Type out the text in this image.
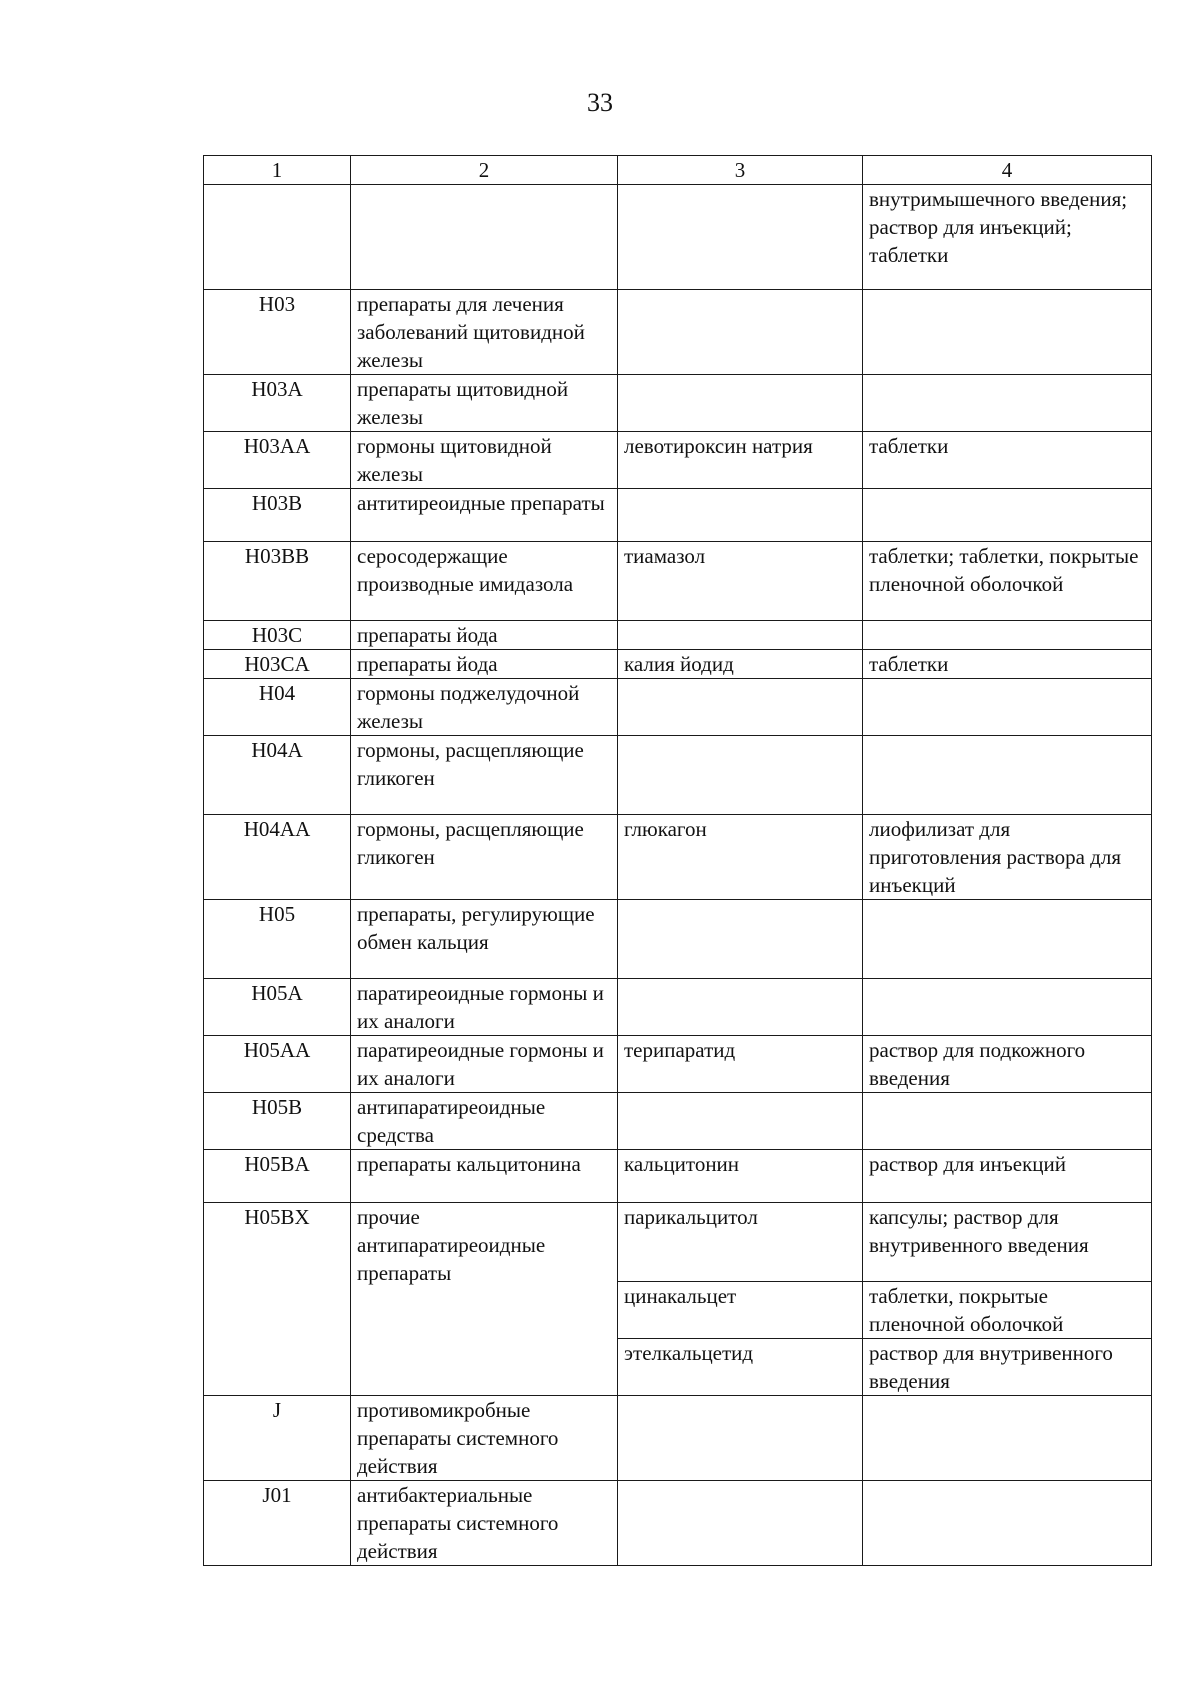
33
1	2	3	4
			внутримышечного введения; раствор для инъекций; таблетки
H03	препараты для лечения заболеваний щитовидной железы		
H03A	препараты щитовидной железы		
H03AA	гормоны щитовидной железы	левотироксин натрия	таблетки
H03B	антитиреоидные препараты		
H03BB	серосодержащие производные имидазола	тиамазол	таблетки; таблетки, покрытые пленочной оболочкой
H03C	препараты йода		
H03CA	препараты йода	калия йодид	таблетки
H04	гормоны поджелудочной железы		
H04A	гормоны, расщепляющие гликоген		
H04AA	гормоны, расщепляющие гликоген	глюкагон	лиофилизат для приготовления раствора для инъекций
H05	препараты, регулирующие обмен кальция		
H05A	паратиреоидные гормоны и их аналоги		
H05AA	паратиреоидные гормоны и их аналоги	терипаратид	раствор для подкожного введения
H05B	антипаратиреоидные средства		
H05BA	препараты кальцитонина	кальцитонин	раствор для инъекций
H05BX	прочие антипаратиреоидные препараты	парикальцитол	капсулы; раствор для внутривенного введения
		цинакальцет	таблетки, покрытые пленочной оболочкой
		этелкальцетид	раствор для внутривенного введения
J	противомикробные препараты системного действия		
J01	антибактериальные препараты системного действия		
